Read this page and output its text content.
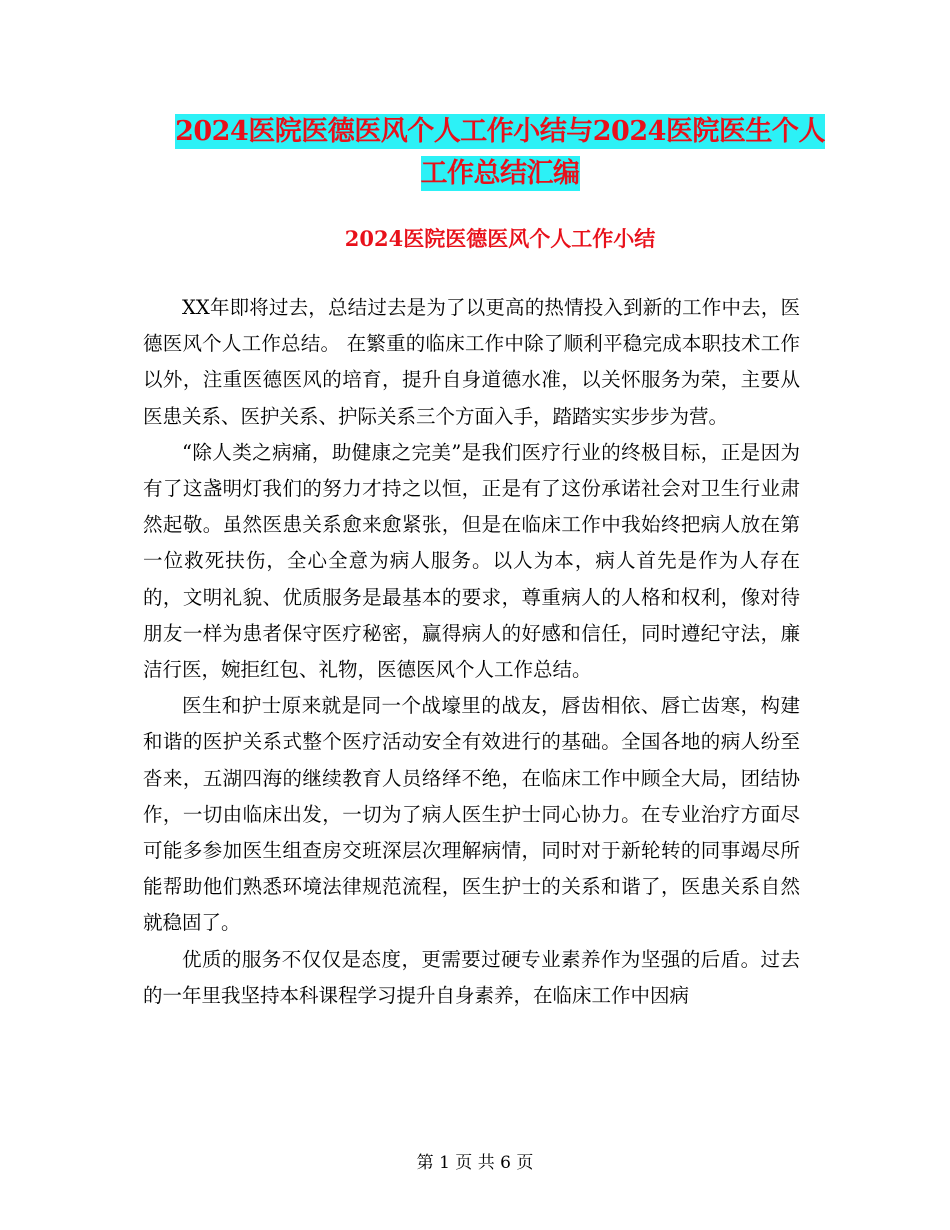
2024医院医德医风个人工作小结与2024医院医生个人
工作总结汇编
2024医院医德医风个人工作小结

XX年即将过去，总结过去是为了以更高的热情投入到新的工作中去，医德医风个人工作总结。 在繁重的临床工作中除了顺利平稳完成本职技术工作以外，注重医德医风的培育，提升自身道德水准，以关怀服务为荣，主要从医患关系、医护关系、护际关系三个方面入手，踏踏实实步步为营。

“除人类之病痛，助健康之完美”是我们医疗行业的终极目标，正是因为有了这盏明灯我们的努力才持之以恒，正是有了这份承诺社会对卫生行业肃然起敬。虽然医患关系愈来愈紧张，但是在临床工作中我始终把病人放在第一位救死扶伤，全心全意为病人服务。以人为本，病人首先是作为人存在的，文明礼貌、优质服务是最基本的要求，尊重病人的人格和权利，像对待朋友一样为患者保守医疗秘密，赢得病人的好感和信任，同时遵纪守法，廉洁行医，婉拒红包、礼物，医德医风个人工作总结。

医生和护士原来就是同一个战壕里的战友，唇齿相依、唇亡齿寒，构建和谐的医护关系式整个医疗活动安全有效进行的基础。全国各地的病人纷至沓来，五湖四海的继续教育人员络绎不绝，在临床工作中顾全大局，团结协作，一切由临床出发，一切为了病人医生护士同心协力。在专业治疗方面尽可能多参加医生组查房交班深层次理解病情，同时对于新轮转的同事竭尽所能帮助他们熟悉环境法律规范流程，医生护士的关系和谐了，医患关系自然就稳固了。

优质的服务不仅仅是态度，更需要过硬专业素养作为坚强的后盾。过去的一年里我坚持本科课程学习提升自身素养，在临床工作中因病

第 1 页 共 6 页
